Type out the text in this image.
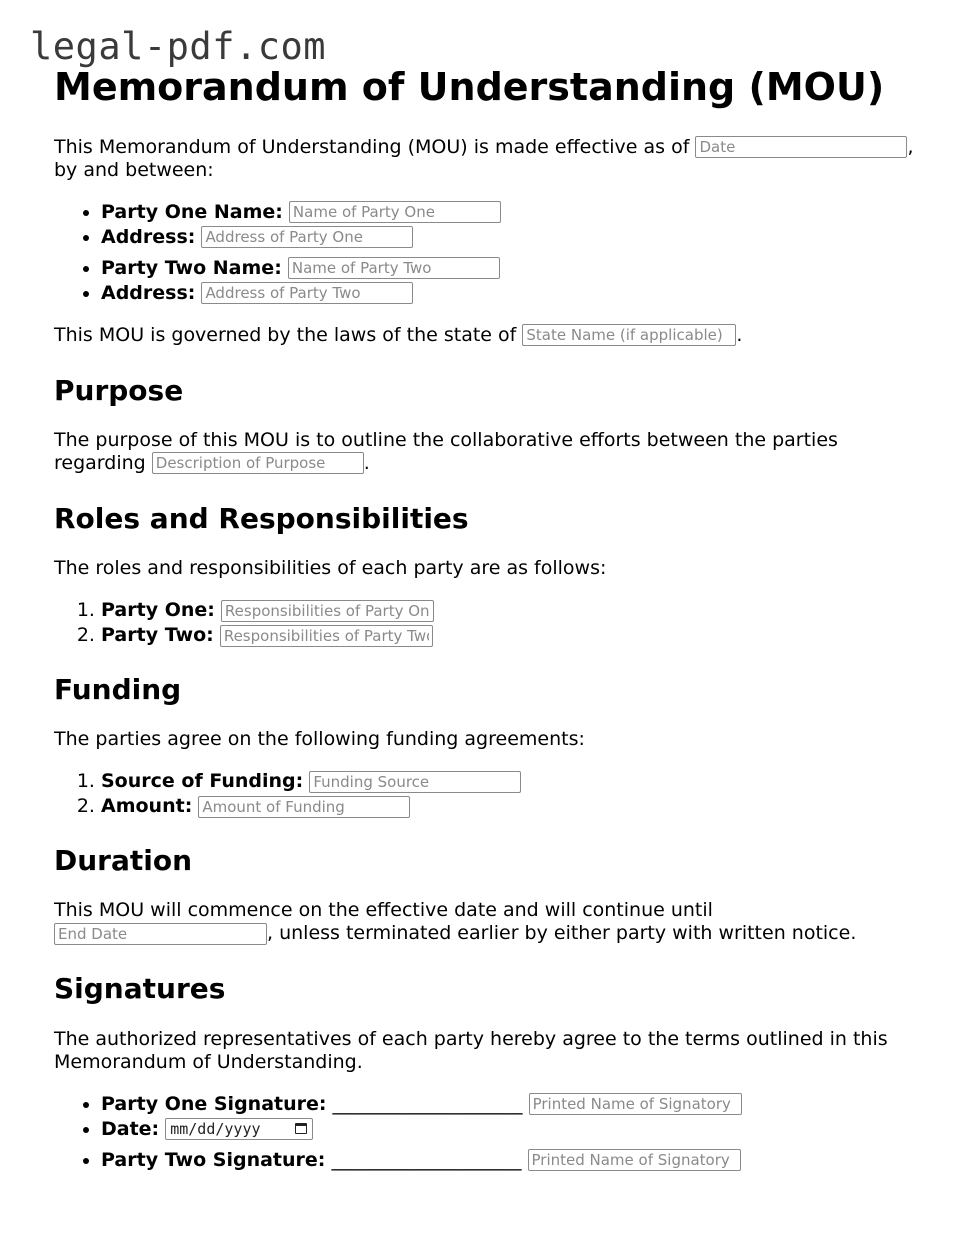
legal-pdf.com
Memorandum of Understanding (MOU)

This Memorandum of Understanding (MOU) is made effective as of Date	, by and between:

• Party One Name: Name of Party One
• Address: Address of Party One
• Party Two Name: Name of Party Two
• Address: Address of Party Two

This MOU is governed by the laws of the state of State Name (if applicable)	.

Purpose

The purpose of this MOU is to outline the collaborative efforts between the parties regarding Description of Purpose	.

Roles and Responsibilities

The roles and responsibilities of each party are as follows:

1. Party One: Responsibilities of Party One
2. Party Two: Responsibilities of Party Two
Funding

The parties agree on the following funding agreements:

1. Source of Funding: Funding Source
2. Amount: Amount of Funding
Duration

This MOU will commence on the effective date and will continue until
End Date, unless terminated earlier by either party with written notice.

Signatures

The authorized representatives of each party hereby agree to the terms outlined in this Memorandum of Understanding.

• Party One Signature: ____________________ Printed Name of Signatory
• Date: mm/dd/yyyy
• Party Two Signature: ____________________ Printed Name of Signatory
